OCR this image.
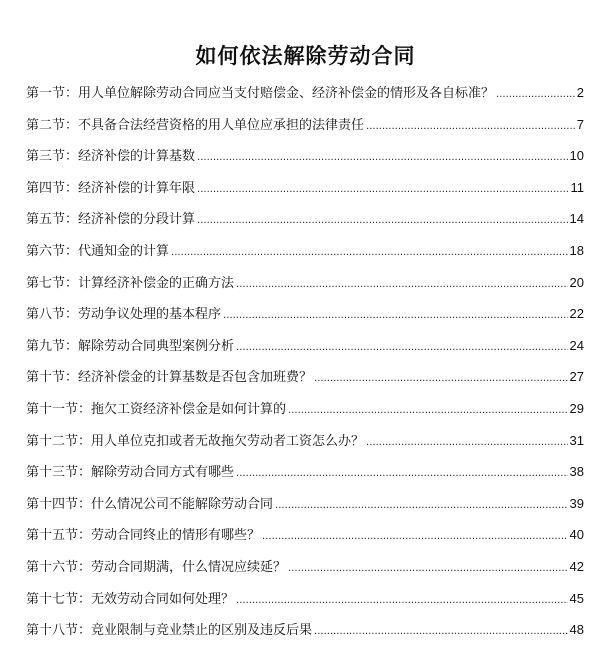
如何依法解除劳动合同
第一节 ： 用人单位解除劳动合同应当支付赔偿金、经济补偿金的情形及各自标准？ .....	2
第二节 ： 不具备合法经营资格的用人单位应承担的法律责任 .....	7
第三节 ： 经济补偿的计算基数 .....	10
第四节 ： 经济补偿的计算年限 .....	11
第五节 ： 经济补偿的分段计算 .....	14
第六节 ： 代通知金的计算 .....	18
第七节 ： 计算经济补偿金的正确方法 .....	20
第八节 ： 劳动争议处理的基本程序 .....	22
第九节 ： 解除劳动合同典型案例分析 .....	24
第十节 ： 经济补偿金的计算基数是否包含加班费？ .....	27
第十一节 ： 拖欠工资经济补偿金是如何计算的 .....	29
第十二节 ： 用人单位克扣或者无故拖欠劳动者工资怎么办？ .....	31
第十三节 ： 解除劳动合同方式有哪些 .....	38
第十四节 ： 什么情况公司不能解除劳动合同 .....	39
第十五节 ： 劳动合同终止的情形有哪些？ .....	40
第十六节 ： 劳动合同期满，什么情况应续延？ .....	42
第十七节 ： 无效劳动合同如何处理？ .....	45
第十八节 ： 竞业限制与竞业禁止的区别及违反后果 .....	48
